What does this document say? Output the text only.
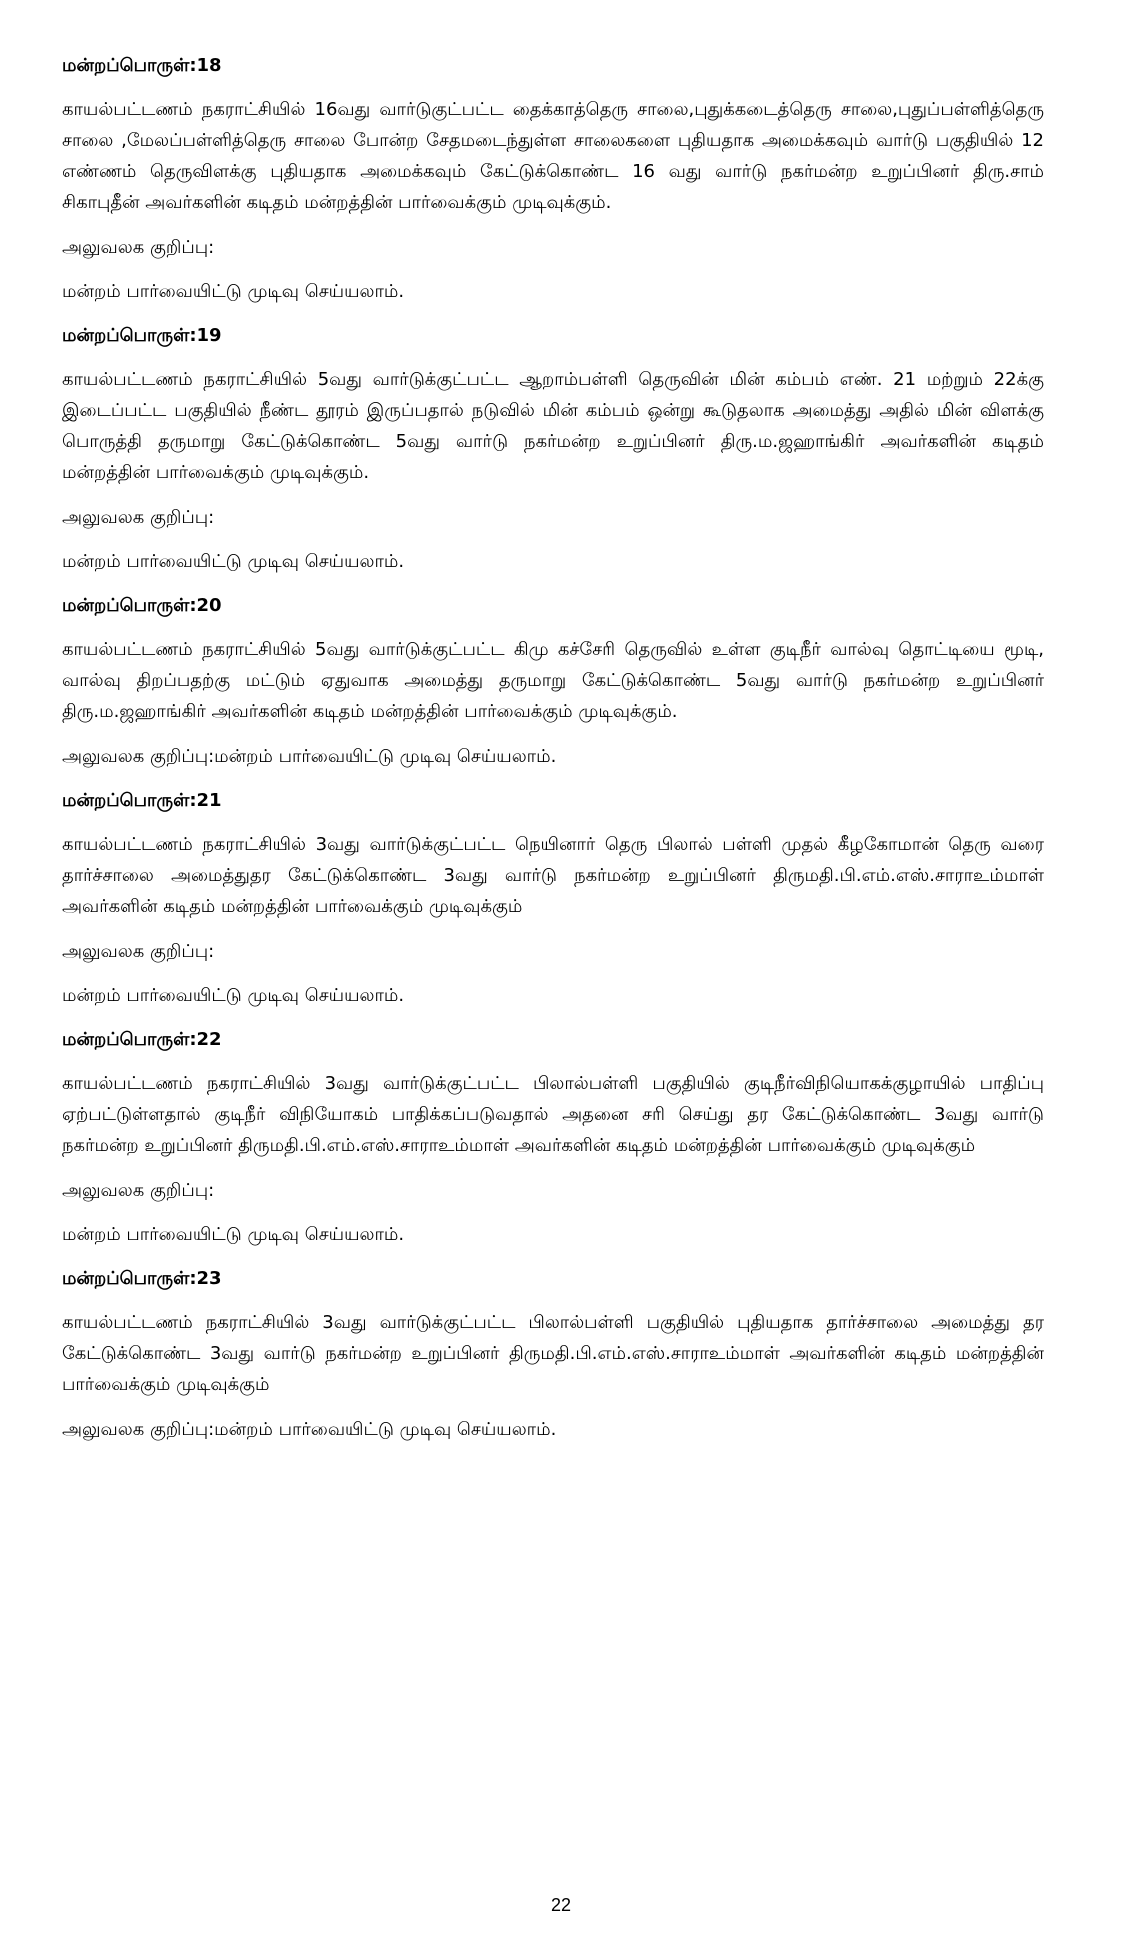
மன்றப்பொருள்:18

காயல்பட்டணம் நகராட்சியில் 16வது வார்டுகுட்பட்ட தைக்காத்தெரு சாலை,புதுக்கடைத்தெரு சாலை,புதுப்பள்ளித்தெரு சாலை ,மேலப்பள்ளித்தெரு சாலை போன்ற சேதமடைந்துள்ள சாலைகளை புதியதாக அமைக்கவும் வார்டு பகுதியில் 12 எண்ணம் தெருவிளக்கு புதியதாக அமைக்கவும் கேட்டுக்கொண்ட 16 வது வார்டு நகர்மன்ற உறுப்பினர் திரு.சாம் சிகாபுதீன் அவர்களின் கடிதம் மன்றத்தின் பார்வைக்கும் முடிவுக்கும்.

அலுவலக குறிப்பு:

மன்றம் பார்வையிட்டு முடிவு செய்யலாம்.

மன்றப்பொருள்:19

காயல்பட்டணம் நகராட்சியில் 5வது வார்டுக்குட்பட்ட ஆறாம்பள்ளி தெருவின் மின் கம்பம் எண். 21 மற்றும் 22க்கு இடைப்பட்ட பகுதியில் நீண்ட தூரம் இருப்பதால் நடுவில் மின் கம்பம் ஒன்று கூடுதலாக அமைத்து அதில் மின் விளக்கு பொருத்தி தருமாறு கேட்டுக்கொண்ட 5வது வார்டு நகர்மன்ற உறுப்பினர் திரு.ம.ஜஹாங்கிர் அவர்களின் கடிதம் மன்றத்தின் பார்வைக்கும் முடிவுக்கும்.

அலுவலக குறிப்பு:

மன்றம் பார்வையிட்டு முடிவு செய்யலாம்.

மன்றப்பொருள்:20

காயல்பட்டணம் நகராட்சியில் 5வது வார்டுக்குட்பட்ட கிமு கச்சேரி தெருவில் உள்ள குடிநீர் வால்வு தொட்டியை மூடி, வால்வு திறப்பதற்கு மட்டும் ஏதுவாக அமைத்து தருமாறு கேட்டுக்கொண்ட 5வது வார்டு நகர்மன்ற உறுப்பினர் திரு.ம.ஜஹாங்கிர் அவர்களின் கடிதம் மன்றத்தின் பார்வைக்கும் முடிவுக்கும்.

அலுவலக குறிப்பு:மன்றம் பார்வையிட்டு முடிவு செய்யலாம்.

மன்றப்பொருள்:21

காயல்பட்டணம் நகராட்சியில் 3வது வார்டுக்குட்பட்ட நெயினார் தெரு பிலால் பள்ளி முதல் கீழகோமான் தெரு வரை தார்ச்சாலை அமைத்துதர கேட்டுக்கொண்ட 3வது வார்டு நகர்மன்ற உறுப்பினர் திருமதி.பி.எம்.எஸ்.சாராஉம்மாள் அவர்களின் கடிதம் மன்றத்தின் பார்வைக்கும் முடிவுக்கும்

அலுவலக குறிப்பு:

மன்றம் பார்வையிட்டு முடிவு செய்யலாம்.

மன்றப்பொருள்:22

காயல்பட்டணம் நகராட்சியில் 3வது வார்டுக்குட்பட்ட பிலால்பள்ளி பகுதியில் குடிநீர்விநியொகக்குழாயில் பாதிப்பு ஏற்பட்டுள்ளதால் குடிநீர் விநியோகம் பாதிக்கப்படுவதால் அதனை சரி செய்து தர கேட்டுக்கொண்ட 3வது வார்டு நகர்மன்ற உறுப்பினர் திருமதி.பி.எம்.எஸ்.சாராஉம்மாள் அவர்களின் கடிதம் மன்றத்தின் பார்வைக்கும் முடிவுக்கும்

அலுவலக குறிப்பு:

மன்றம் பார்வையிட்டு முடிவு செய்யலாம்.

மன்றப்பொருள்:23

காயல்பட்டணம் நகராட்சியில் 3வது வார்டுக்குட்பட்ட பிலால்பள்ளி பகுதியில் புதியதாக தார்ச்சாலை அமைத்து தர கேட்டுக்கொண்ட 3வது வார்டு நகர்மன்ற உறுப்பினர் திருமதி.பி.எம்.எஸ்.சாராஉம்மாள் அவர்களின் கடிதம் மன்றத்தின் பார்வைக்கும் முடிவுக்கும்

அலுவலக குறிப்பு:மன்றம் பார்வையிட்டு முடிவு செய்யலாம்.

22
